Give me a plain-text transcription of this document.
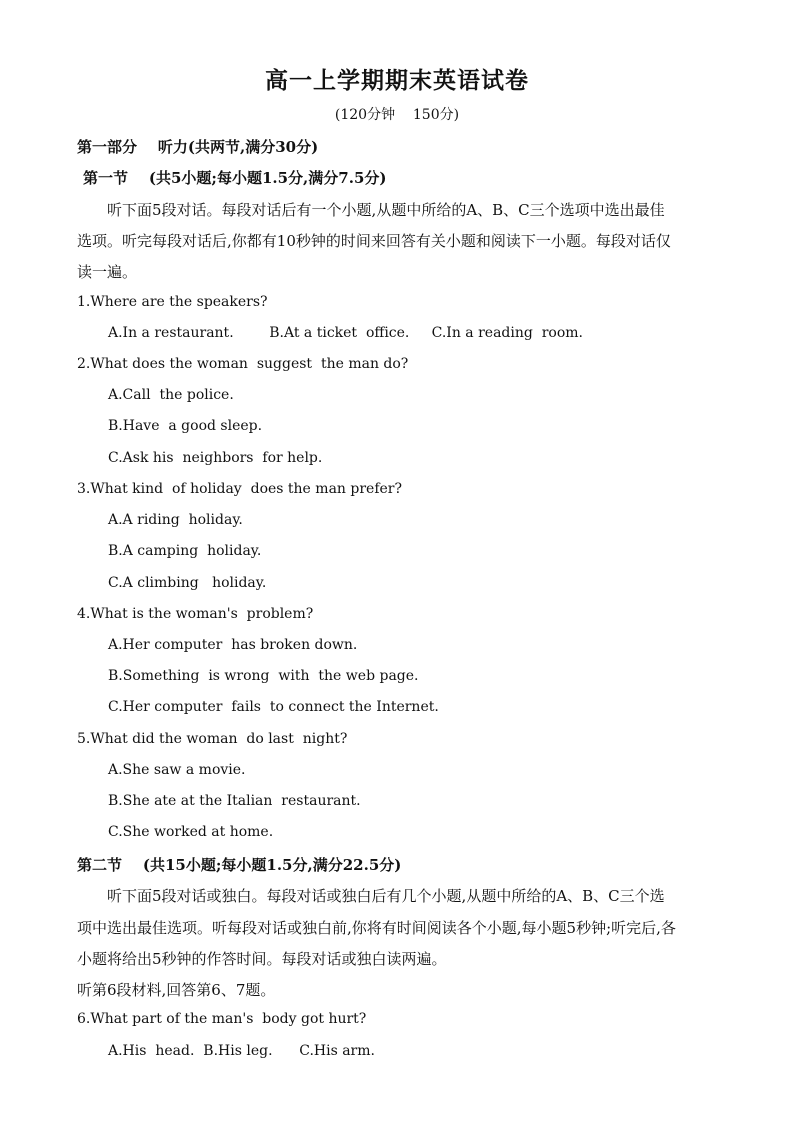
高一上学期期末英语试卷
(120分钟    150分)
第一部分    听力(共两节,满分30分)
第一节    (共5小题;每小题1.5分,满分7.5分)
听下面5段对话。每段对话后有一个小题,从题中所给的A、B、C三个选项中选出最佳
选项。听完每段对话后,你都有10秒钟的时间来回答有关小题和阅读下一小题。每段对话仅
读一遍。
1.Where are the speakers?
A.In a restaurant.        B.At a ticket  office.     C.In a reading  room.
2.What does the woman  suggest  the man do?
A.Call  the police.
B.Have  a good sleep.
C.Ask his  neighbors  for help.
3.What kind  of holiday  does the man prefer?
A.A riding  holiday.
B.A camping  holiday.
C.A climbing   holiday.
4.What is the woman's  problem?
A.Her computer  has broken down.
B.Something  is wrong  with  the web page.
C.Her computer  fails  to connect the Internet.
5.What did the woman  do last  night?
A.She saw a movie.
B.She ate at the Italian  restaurant.
C.She worked at home.
第二节    (共15小题;每小题1.5分,满分22.5分)
听下面5段对话或独白。每段对话或独白后有几个小题,从题中所给的A、B、C三个选
项中选出最佳选项。听每段对话或独白前,你将有时间阅读各个小题,每小题5秒钟;听完后,各
小题将给出5秒钟的作答时间。每段对话或独白读两遍。
听第6段材料,回答第6、7题。
6.What part of the man's  body got hurt?
A.His  head.  B.His leg.      C.His arm.
